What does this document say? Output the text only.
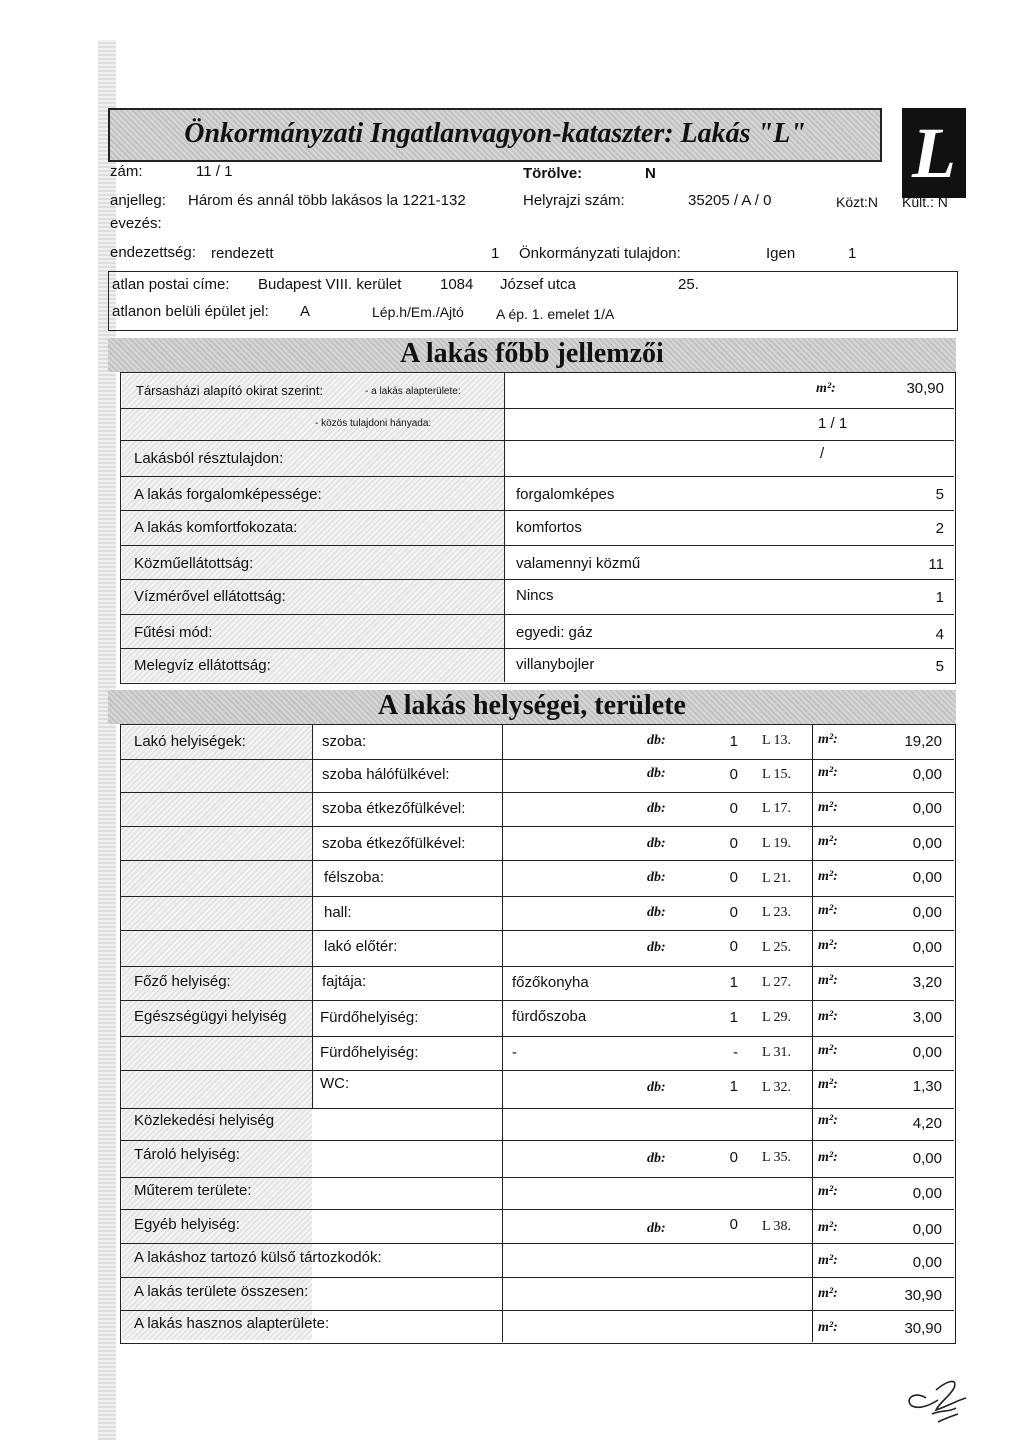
Önkormányzati Ingatlanvagyon-kataszter: Lakás "L"	L
zám:	11 / 1	Törölve:	N
anjelleg: Három és annál több lakásos la 1221-132	Helyrajzi szám:	35205 / A / 0	Közt:N Kült.: N
evezés:
endezettség: rendezett	1 Önkormányzati tulajdon:	Igen	1
atlan postai címe: Budapest VIII. kerület	1084 József utca	25.
atlanon belüli épület jel: A	Lép.h/Em./Ajtó A ép. 1. emelet 1/A
A lakás főbb jellemzői
Társasházi alapító okirat szerint:	- a lakás alapterülete:	m²:	30,90
- közös tulajdoni hányada:	1 / 1
Lakásból résztulajdon:	/
A lakás forgalomképessége:	forgalomképes	5
A lakás komfortfokozata:	komfortos	2
Közműellátottság:	valamennyi közmű	11
Vízmérővel ellátottság:	Nincs	1
Fűtési mód:	egyedi: gáz	4
Melegvíz ellátottság:	villanybojler	5
A lakás helységei, területe
Lakó helyiségek:	szoba:	db:	1 L 13. m²:	19,20
szoba hálófülkével:	db:	0 L 15. m²:	0,00
szoba étkezőfülkével:	db:	0 L 17. m²:	0,00
szoba étkezőfülkével:	db:	0 L 19. m²:	0,00
félszoba:	db:	0 L 21. m²:	0,00
hall:	db:	0 L 23. m²:	0,00
lakó előtér:	db:	0 L 25. m²:	0,00
Főző helyiség:	fajtája:	főzőkonyha	1 L 27. m²:	3,20
Egészségügyi helyiség Fürdőhelyiség:	fürdőszoba	1 L 29. m²:	3,00
Fürdőhelyiség:	-	- L 31. m²:	0,00
WC:	db:	1 L 32. m²:	1,30
Közlekedési helyiség	m²:	4,20
Tároló helyiség:	db:	0 L 35. m²:	0,00
Műterem területe:	m²:	0,00
Egyéb helyiség:	db:	0 L 38. m²:	0,00
A lakáshoz tartozó külső tártozkodók:	m²:	0,00
A lakás területe összesen:	m²:	30,90
A lakás hasznos alapterülete:	m²:	30,90
